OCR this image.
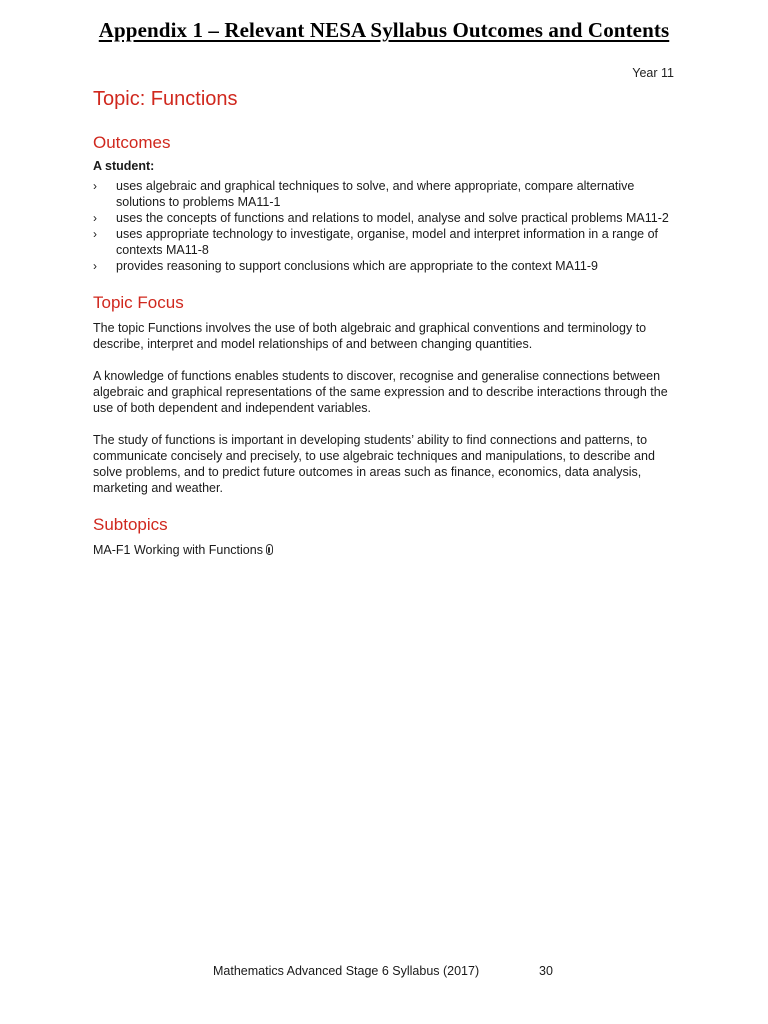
Appendix 1 – Relevant NESA Syllabus Outcomes and Contents
Year 11
Topic: Functions
Outcomes

A student:

› uses algebraic and graphical techniques to solve, and where appropriate, compare alternative solutions to problems MA11-1
› uses the concepts of functions and relations to model, analyse and solve practical problems MA11-2
› uses appropriate technology to investigate, organise, model and interpret information in a range of contexts MA11-8
› provides reasoning to support conclusions which are appropriate to the context MA11-9
Topic Focus

The topic Functions involves the use of both algebraic and graphical conventions and terminology to describe, interpret and model relationships of and between changing quantities.

A knowledge of functions enables students to discover, recognise and generalise connections between algebraic and graphical representations of the same expression and to describe interactions through the use of both dependent and independent variables.

The study of functions is important in developing students’ ability to find connections and patterns, to communicate concisely and precisely, to use algebraic techniques and manipulations, to describe and solve problems, and to predict future outcomes in areas such as finance, economics, data analysis, marketing and weather.

Subtopics

MA-F1 Working with Functions

Mathematics Advanced Stage 6 Syllabus (2017)	30
